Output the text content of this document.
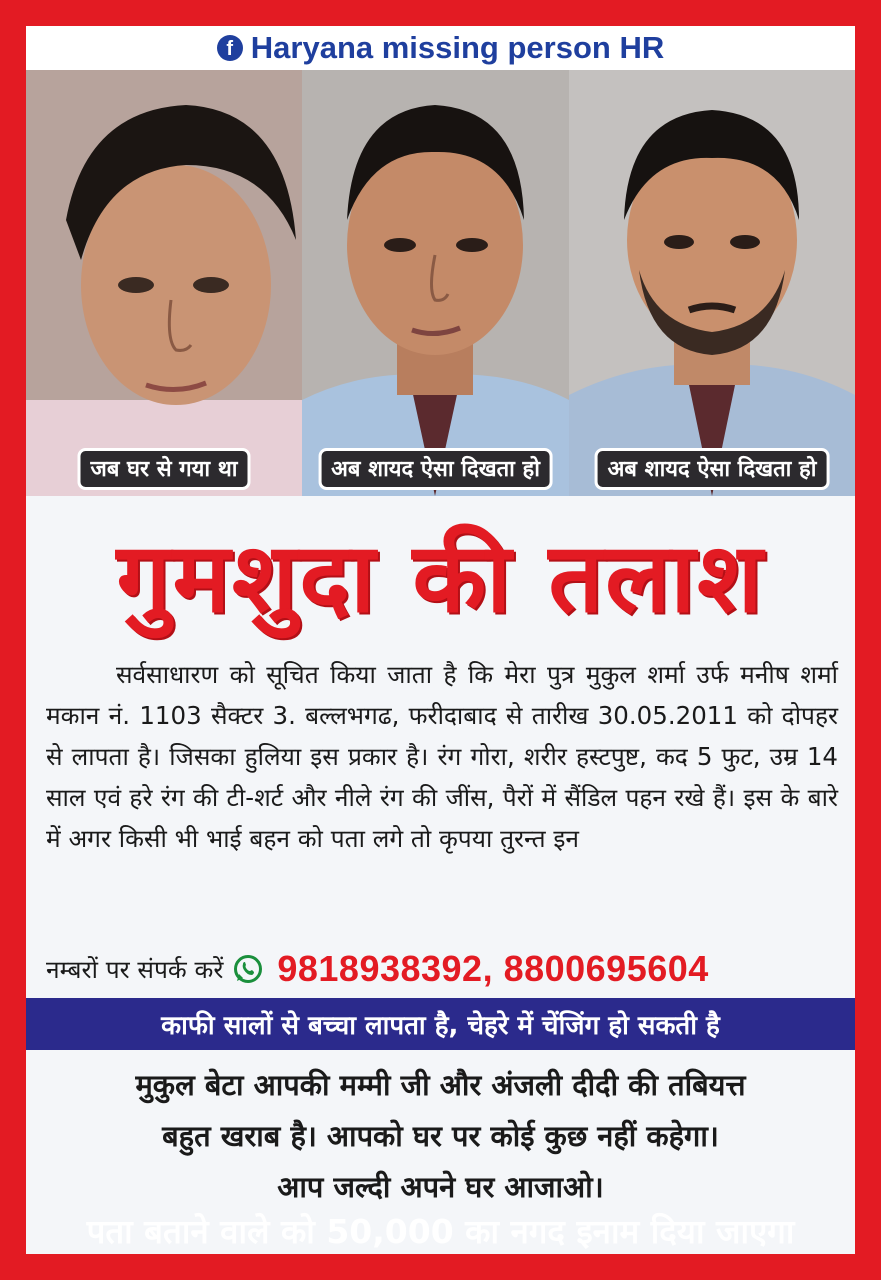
f Haryana missing person HR
जब घर से गया था	अब शायद ऐसा दिखता हो	अब शायद ऐसा दिखता हो
गुमशुदा की तलाश
सर्वसाधारण को सूचित किया जाता है कि मेरा पुत्र मुकुल शर्मा उर्फ मनीष शर्मा मकान नं. 1103 सैक्टर 3. बल्लभगढ, फरीदाबाद से तारीख 30.05.2011 को दोपहर से लापता है। जिसका हुलिया इस प्रकार है। रंग गोरा, शरीर हस्टपुष्ट, कद 5 फुट, उम्र 14 साल एवं हरे रंग की टी-शर्ट और नीले रंग की जींस, पैरों में सैंडिल पहन रखे हैं। इस के बारे में अगर किसी भी भाई बहन को पता लगे तो कृपया तुरन्त इन
नम्बरों पर संपर्क करें 9818938392, 8800695604
काफी सालों से बच्चा लापता है, चेहरे में चेंजिंग हो सकती है
मुकुल बेटा आपकी मम्मी जी और अंजली दीदी की तबियत्त
बहुत खराब है। आपको घर पर कोई कुछ नहीं कहेगा।
आप जल्दी अपने घर आजाओ।
पता बताने वाले को 50,000 का नगद इनाम दिया जाएगा
